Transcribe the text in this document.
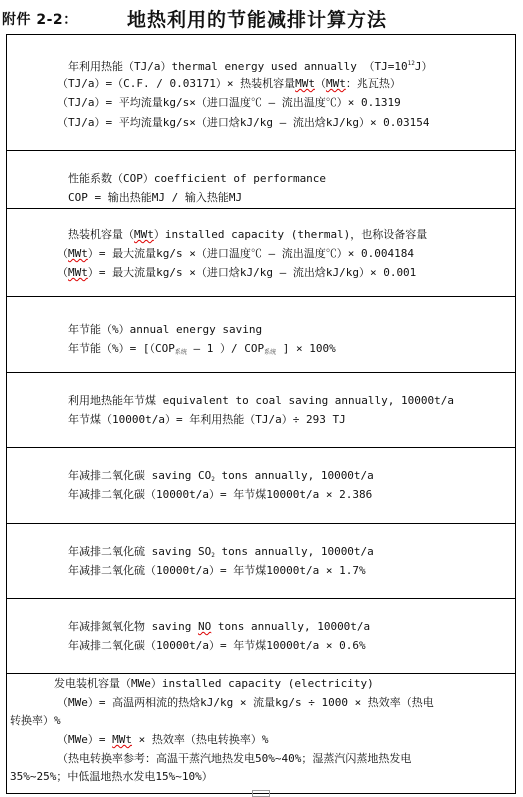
附件 2-2：	地热利用的节能减排计算方法
年利用热能（TJ/a）thermal energy used annually $(TJ=10^{12}J)$
（TJ/a）=（C.F. / 0.03171）× 热装机容量MWt（MWt：兆瓦热）
（TJ/a）= 平均流量kg/s×（进口温度℃ – 流出温度℃）× 0.1319
（TJ/a）= 平均流量kg/s×（进口焓kJ/kg – 流出焓kJ/kg）× 0.03154
性能系数（COP）coefficient of performance
COP = 输出热能MJ / 输入热能MJ
热装机容量（MWt）installed capacity (thermal)，也称设备容量
（MWt）= 最大流量kg/s ×（进口温度℃ – 流出温度℃）× 0.004184
（MWt）= 最大流量kg/s ×（进口焓kJ/kg – 流出焓kJ/kg）× 0.001
年节能（%）annual energy saving
年节能（%）= [（COP系统 – 1 ）/ COP系统 ] × 100%
利用地热能年节煤 equivalent to coal saving annually, 10000t/a
年节煤（10000t/a）= 年利用热能（TJ/a）÷ 293 TJ
年减排二氧化碳 saving $CO_2$ tons annually, 10000t/a
年减排二氧化碳（10000t/a）= 年节煤10000t/a × 2.386
年减排二氧化硫 saving $SO_2$ tons annually, 10000t/a
年减排二氧化硫（10000t/a）= 年节煤10000t/a × 1.7%
年减排氮氧化物 saving NO tons annually, 10000t/a
年减排二氧化碳（10000t/a）= 年节煤10000t/a × 0.6%
发电装机容量（MWe）installed capacity (electricity)
（MWe）= 高温两相流的热焓kJ/kg × 流量kg/s ÷ 1000 × 热效率（热电
转换率）%
（MWe）= MWt × 热效率（热电转换率）%
（热电转换率参考：高温干蒸汽地热发电50%~40%；湿蒸汽闪蒸地热发电
35%~25%；中低温地热水发电15%~10%）
